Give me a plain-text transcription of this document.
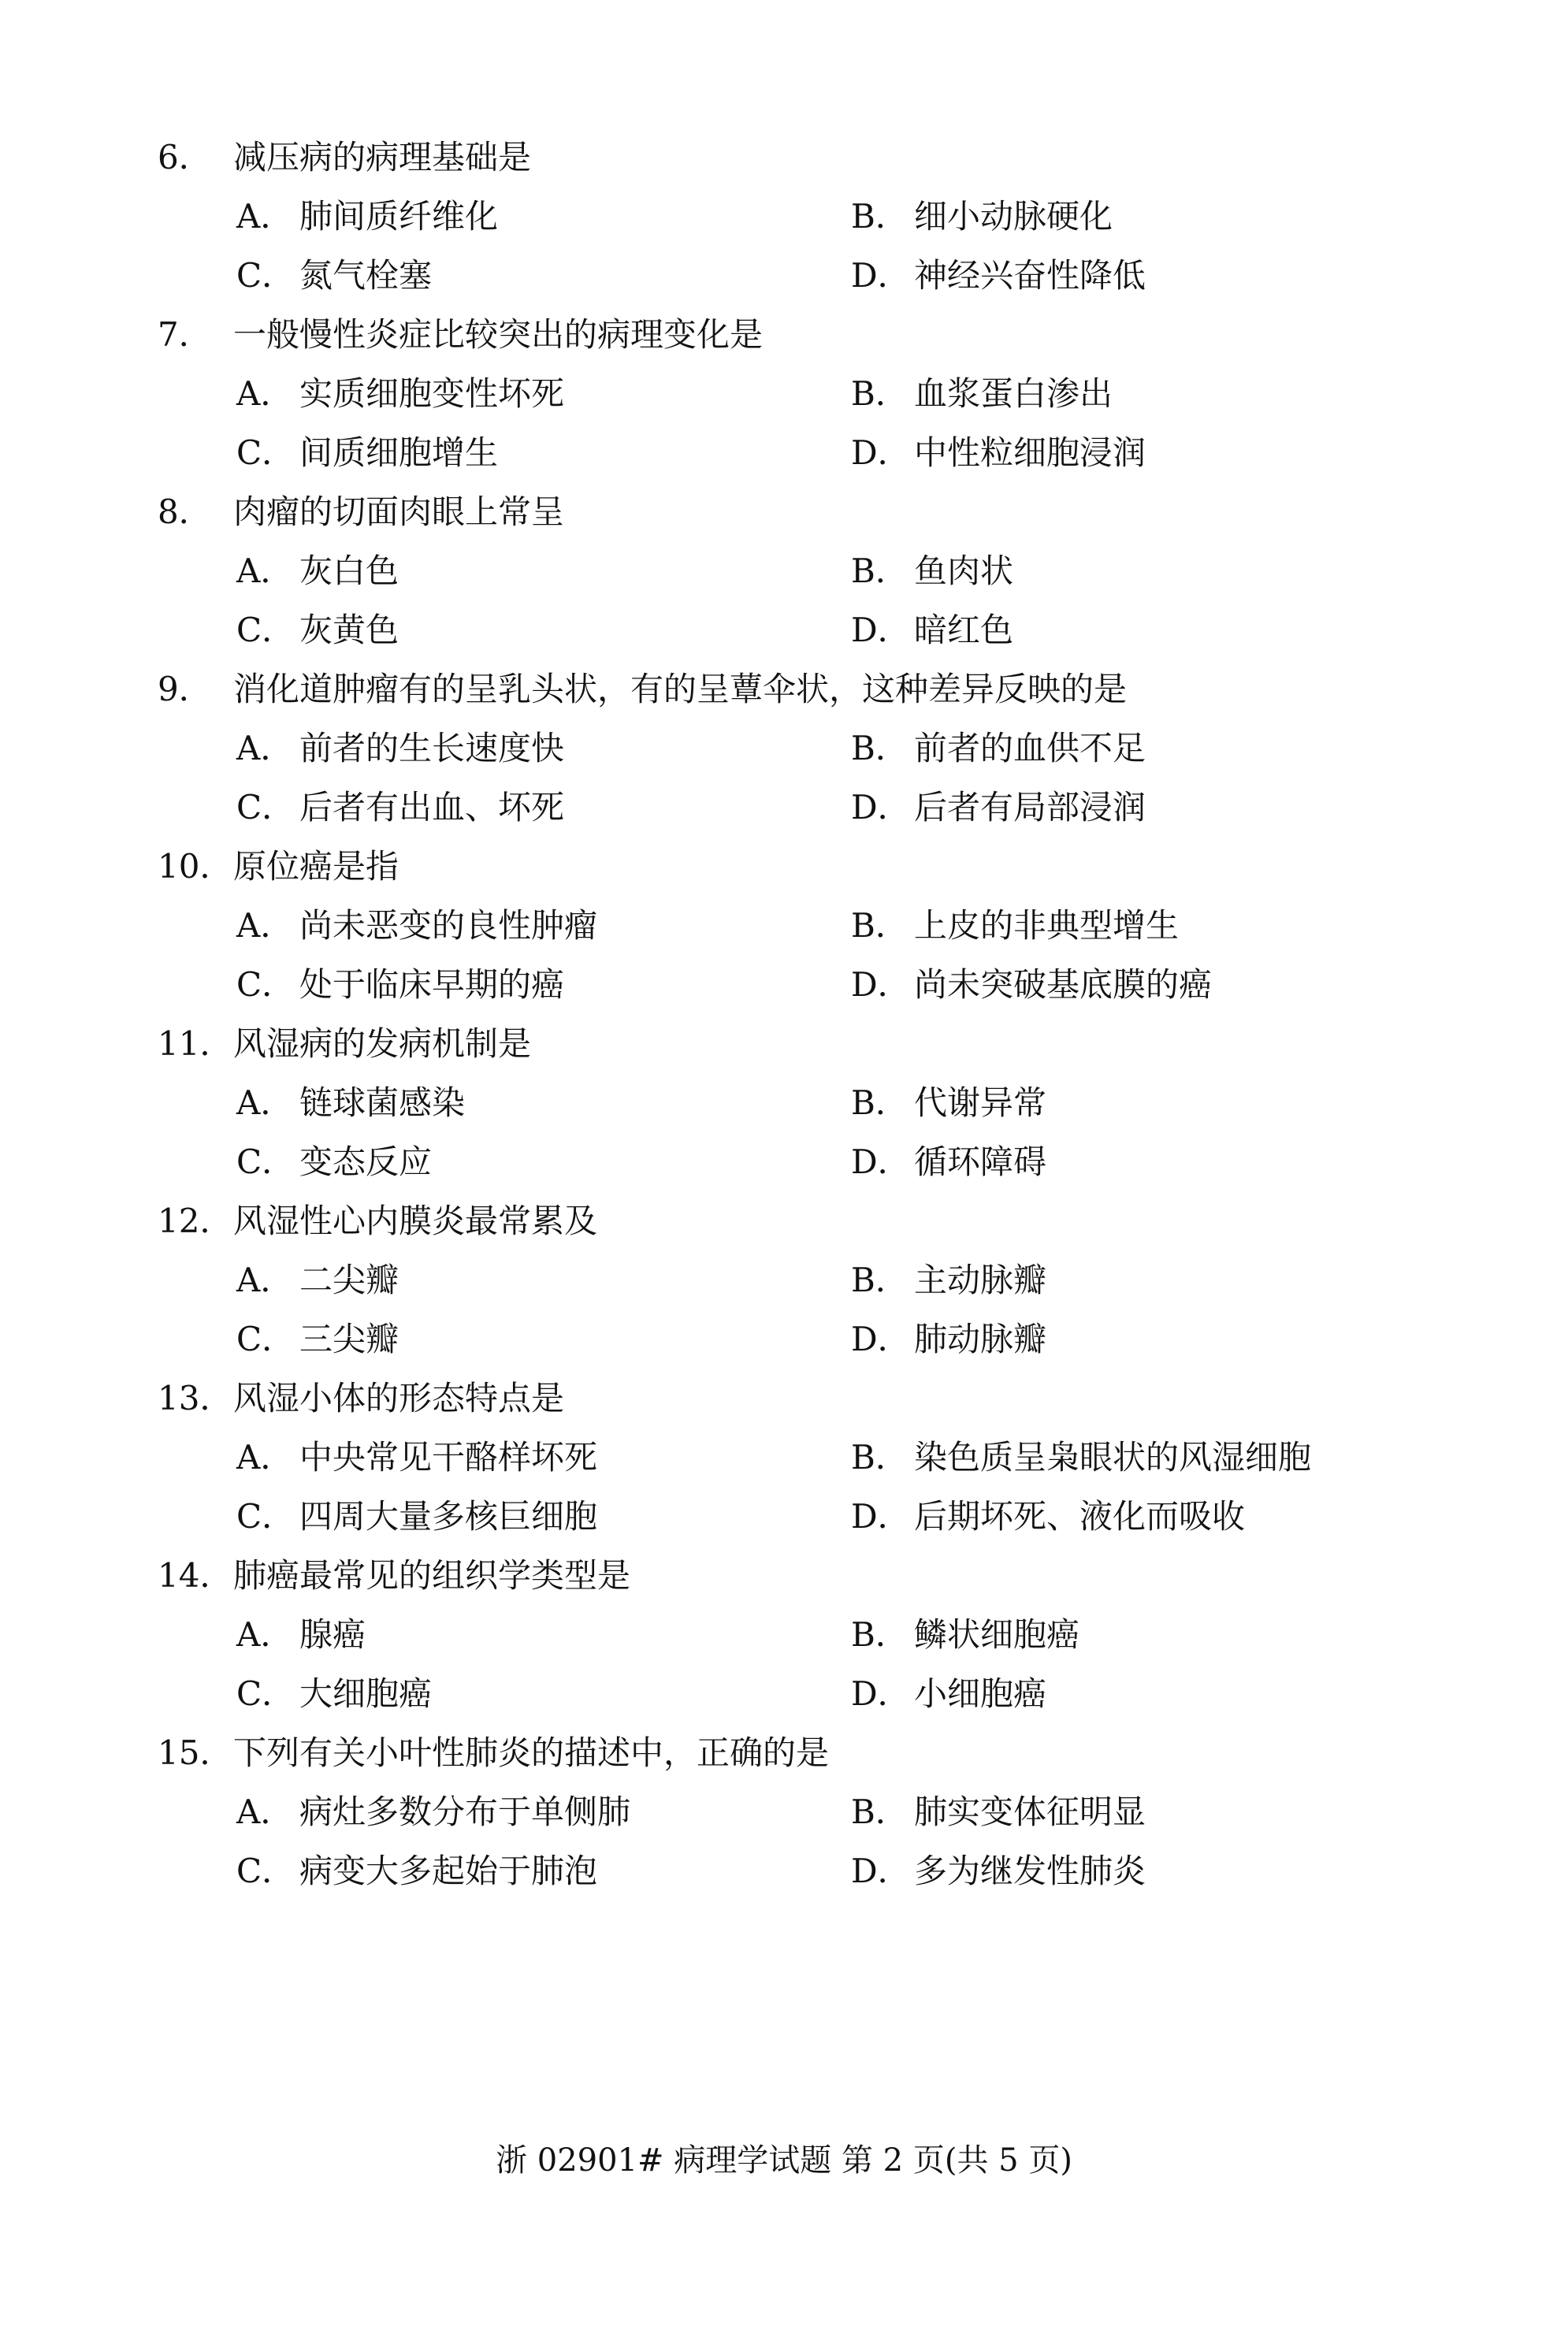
6． 减压病的病理基础是
A． 肺间质纤维化	B． 细小动脉硬化
C． 氮气栓塞	D． 神经兴奋性降低
7． 一般慢性炎症比较突出的病理变化是
A． 实质细胞变性坏死	B． 血浆蛋白渗出
C． 间质细胞增生	D． 中性粒细胞浸润
8． 肉瘤的切面肉眼上常呈
A． 灰白色	B． 鱼肉状
C． 灰黄色	D． 暗红色
9． 消化道肿瘤有的呈乳头状，有的呈蕈伞状，这种差异反映的是
A． 前者的生长速度快	B． 前者的血供不足
C． 后者有出血、坏死	D． 后者有局部浸润
10．原位癌是指
A． 尚未恶变的良性肿瘤	B． 上皮的非典型增生
C． 处于临床早期的癌	D． 尚未突破基底膜的癌
11．风湿病的发病机制是
A． 链球菌感染	B． 代谢异常
C． 变态反应	D． 循环障碍
12．风湿性心内膜炎最常累及
A． 二尖瓣	B． 主动脉瓣
C． 三尖瓣	D． 肺动脉瓣
13．风湿小体的形态特点是
A． 中央常见干酪样坏死	B． 染色质呈枭眼状的风湿细胞
C． 四周大量多核巨细胞	D． 后期坏死、液化而吸收
14．肺癌最常见的组织学类型是
A． 腺癌	B． 鳞状细胞癌
C． 大细胞癌	D． 小细胞癌
15．下列有关小叶性肺炎的描述中，正确的是
A． 病灶多数分布于单侧肺	B． 肺实变体征明显
C． 病变大多起始于肺泡	D． 多为继发性肺炎
浙 02901# 病理学试题 第 2 页(共 5 页)
